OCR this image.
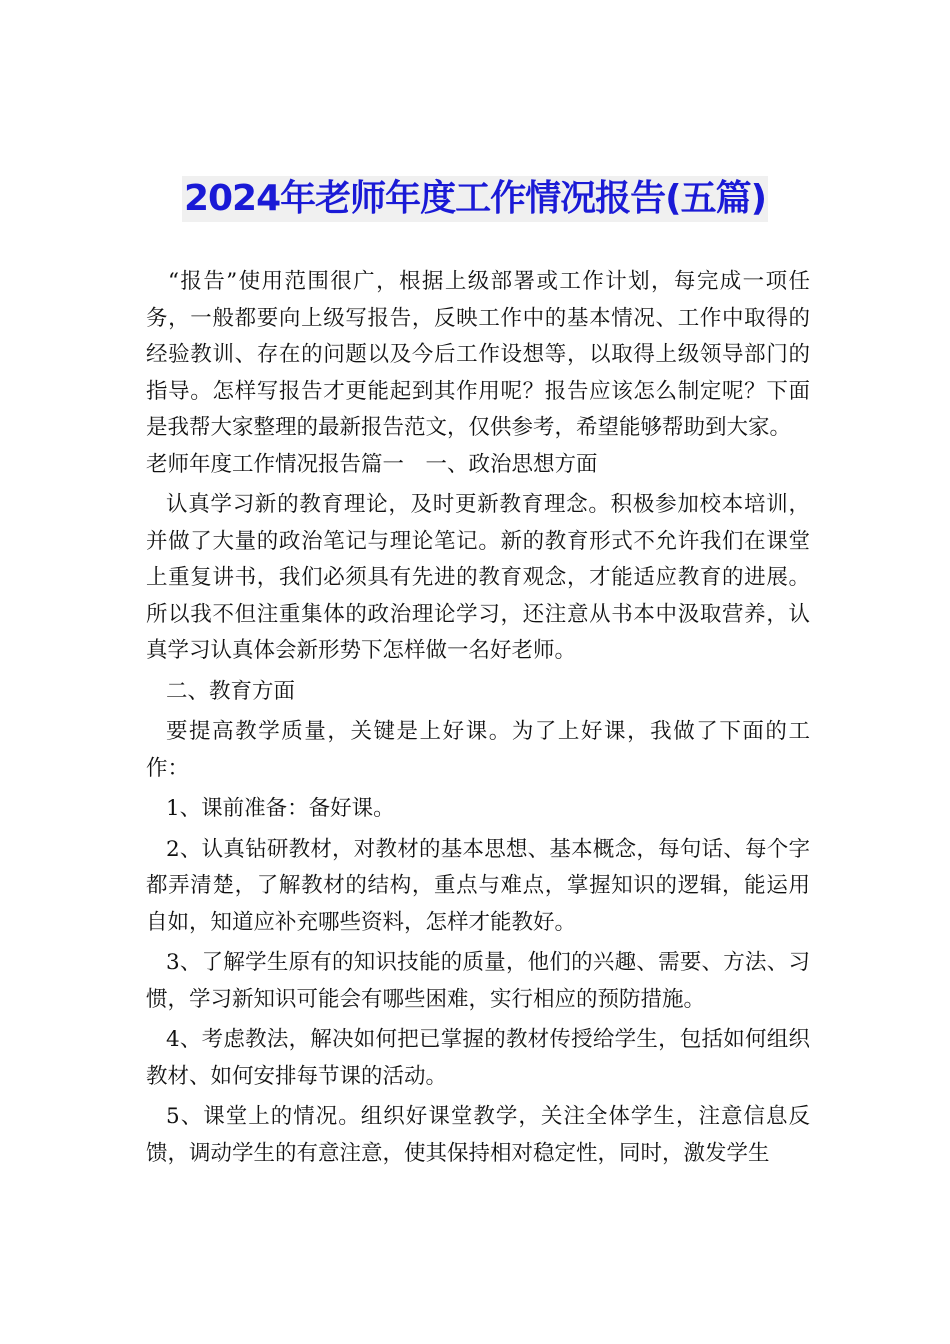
2024年老师年度工作情况报告(五篇)

“报告”使用范围很广，根据上级部署或工作计划，每完成一项任务，一般都要向上级写报告，反映工作中的基本情况、工作中取得的经验教训、存在的问题以及今后工作设想等，以取得上级领导部门的指导。怎样写报告才更能起到其作用呢？报告应该怎么制定呢？下面是我帮大家整理的最新报告范文，仅供参考，希望能够帮助到大家。

老师年度工作情况报告篇一　一、政治思想方面

认真学习新的教育理论，及时更新教育理念。积极参加校本培训，并做了大量的政治笔记与理论笔记。新的教育形式不允许我们在课堂上重复讲书，我们必须具有先进的教育观念，才能适应教育的进展。所以我不但注重集体的政治理论学习，还注意从书本中汲取营养，认真学习认真体会新形势下怎样做一名好老师。

二、教育方面

要提高教学质量，关键是上好课。为了上好课，我做了下面的工作：

1、课前准备：备好课。

2、认真钻研教材，对教材的基本思想、基本概念，每句话、每个字都弄清楚，了解教材的结构，重点与难点，掌握知识的逻辑，能运用自如，知道应补充哪些资料，怎样才能教好。

3、了解学生原有的知识技能的质量，他们的兴趣、需要、方法、习惯，学习新知识可能会有哪些困难，实行相应的预防措施。

4、考虑教法，解决如何把已掌握的教材传授给学生，包括如何组织教材、如何安排每节课的活动。

5、课堂上的情况。组织好课堂教学，关注全体学生，注意信息反馈，调动学生的有意注意，使其保持相对稳定性，同时，激发学生
